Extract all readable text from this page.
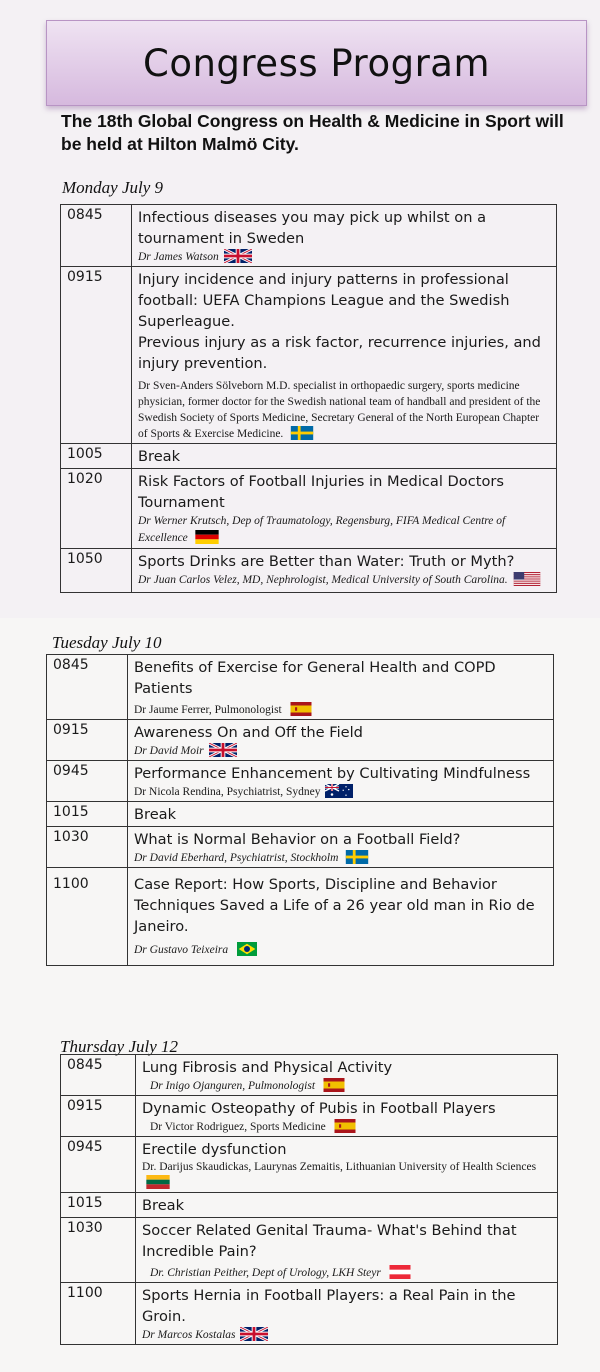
Congress Program
The 18th Global Congress on Health & Medicine in Sport will be held at Hilton Malmö City.
Monday July 9
0845	Infectious diseases you may pick up whilst on a tournament in Sweden
Dr James Watson

0915	Injury incidence and injury patterns in professional football: UEFA Champions League and the Swedish Superleague.
Previous injury as a risk factor, recurrence injuries, and injury prevention.
Dr Sven-Anders Sölveborn M.D. specialist in orthopaedic surgery, sports medicine physician, former doctor for the Swedish national team of handball and president of the Swedish Society of Sports Medicine, Secretary General of the North European Chapter of Sports & Exercise Medicine.

1005	Break

1020	Risk Factors of Football Injuries in Medical Doctors Tournament
Dr Werner Krutsch, Dep of Traumatology, Regensburg, FIFA Medical Centre of Excellence

1050	Sports Drinks are Better than Water: Truth or Myth?
Dr Juan Carlos Velez, MD, Nephrologist, Medical University of South Carolina.
Tuesday July 10
0845	Benefits of Exercise for General Health and COPD Patients
Dr Jaume Ferrer, Pulmonologist

0915	Awareness On and Off the Field
Dr David Moir

0945	Performance Enhancement by Cultivating Mindfulness
Dr Nicola Rendina, Psychiatrist, Sydney

1015	Break

1030	What is Normal Behavior on a Football Field?
Dr David Eberhard, Psychiatrist, Stockholm

1100	Case Report: How Sports, Discipline and Behavior Techniques Saved a Life of a 26 year old man in Rio de Janeiro.
Dr Gustavo Teixeira
Thursday July 12
0845	Lung Fibrosis and Physical Activity
Dr Inigo Ojanguren, Pulmonologist

0915	Dynamic Osteopathy of Pubis in Football Players
Dr Victor Rodriguez, Sports Medicine

0945	Erectile dysfunction
Dr. Darijus Skaudickas, Laurynas Zemaitis, Lithuanian University of Health Sciences

1015	Break

1030	Soccer Related Genital Trauma- What's Behind that Incredible Pain?
Dr. Christian Peither, Dept of Urology, LKH Steyr

1100	Sports Hernia in Football Players: a Real Pain in the Groin.
Dr Marcos Kostalas
